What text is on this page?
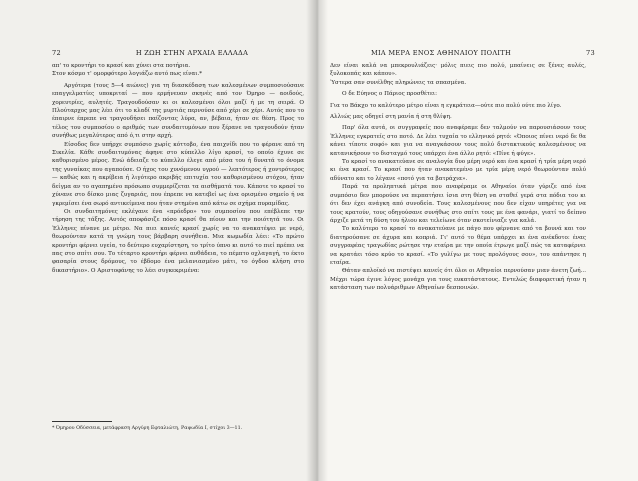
72	Η ΖΩΗ ΣΤΗΝ ΑΡΧΑΙΑ ΕΛΛΑΔΑ

απ' το κροντήρι το κρασί και χύνει στα ποτήρια.

Στον κόσμο τ' ομορφότερο λογιάζω αυτό πως είναι.*

Αργότερα (τους 5—4 αιώνες) για τη διασκέδαση των καλεσμένων συμποσιούσανε επαγγελματίες υποκριταί — που ερμήνευαν σκηνές από τον Όμηρο — αοιδούς, χορευτρίες, αυλητές. Τραγουδούσαν κι οι καλεσμένοι όλοι μαζί ή με τη σειρά. Ο Πλούταρχος μας λέει ότι το κλαδί της μυρτιάς περνούσε από χέρι σε χέρι. Αυτός που το έπαιρνε έπρεπε να τραγουδήσει παίζοντας λύρα, αν, βέβαια, ήταν σε θέση. Προς το τέλος του συμποσίου ο αριθμός των συνδαιτυμόνων που ξέρανε να τραγουδούν ήταν συνήθως μεγαλύτερος από ό,τι στην αρχή.

Είσοδος δεν υπήρχε συμπόσιο χωρίς κόττοβο, ένα παιχνίδι που το φέρανε από τη Σικελία. Κάθε συνδαιτυμόνας άφηνε στο κύπελλο λίγο κρασί, το οποίο έχυνε σε καθορισμένο μέρος. Ενώ άδειαζε το κύπελλο έλεγε από μέσα του ή δυνατά το όνομα της γυναίκας που αγαπούσε. Ο ήχος του χυνόμενου υγρού — λεπτότερος ή χοντρότερος — καθώς και η ακρίβεια ή λιγότερο ακριβής επιτυχία του καθορισμένου στόχου, ήταν δείγμα αν το αγαπημένο πρόσωπο συμμερίζεται τα αισθήματά του. Κάποτε το κρασί το χύνανε στο δίσκο μιας ζυγαριάς, που έπρεπε να κατεβεί ως ένα ορισμένο σημείο ή να γκρεμίσει ένα σωρό αντικείμενα που ήταν στημένα από κάτω σε σχήμα πυραμίδας.

Οι συνδαιτημόνες εκλέγανε ένα «πρόεδρο» του συμποσίου που επέβλεπε την τήρηση της τάξης. Αυτός αποφάσιζε πόσο κρασί θα πίουν και την ποιότητά του. Οι Έλληνες πίνανε με μέτρο. Να πιει κανείς κρασί χωρίς να το ανακατέψει με νερό, θεωρούνταν κατά τη γνώμη τους βάρβαρη συνήθεια. Μια κωμωδία λέει: «Το πρώτο κροντήρι φέρνει υγεία, το δεύτερο ευχαρίστηση, το τρίτο ύπνο κι αυτό το πιεί πρέπει να πας στο σπίτι σου. Το τέταρτο κροντήρι φέρνει αυθάδεια, το πέμπτο οχλαγαγή, το έκτο φασαρία στους δρόμους, το έβδομο ένα μελανιασμένο μάτι, το όγδοο κλήση στο δικαστήριο». Ο Αριστοφάνης το λέει συγκεκριμένα:

* Όμηρου Οδύσσεια, μετάφραση Αργύρη Εφταλιώτη, Ραψωδία Ι, στίχοι 3—11.
ΜΙΑ ΜΕΡΑ ΕΝΟΣ ΑΘΗΝΑΙΟΥ ΠΟΛΙΤΗ	73

Δεν είναι καλά να μπεκρουλιάζεις· μόλις πιεις πιο πολύ, μπαίνεις σε ξένες αυλές, ξυλοκοπάς και κάπου».

Ύστερα σαν συνέλθης πληρώνεις τα σπασμένα.

Ο δε Εύηνος ο Πάριος προσθέτει:

Για το Βάκχο το καλύτερο μέτρο είναι η εγκράτεια—ούτε πιο πολύ ούτε πιο λίγο.

Αλλιώς μας οδηγεί στη μανία ή στη θλίψη.

Παρ' όλα αυτά, οι συγγραφείς που αναφέραμε δεν ταλμούν να παρουσιάσουν τους Έλληνες εγκρατείς στο ποτό. Δε λέει τυχαία το ελληνικό ρητό: «Όποιος πίνει νερό δε θα κάνει τίποτε σοφό» και για να αναγκάσουν τους πολύ διστακτικούς καλεσμένους να κατανικήσουν το δισταγμό τους υπάρχει ένα άλλο ρητό: «Πίνε ή φύγε».

Το κρασί το ανακατεύανε σε αναλογία δυο μέρη νερό και ένα κρασί ή τρία μέρη νερό κι ένα κρασί. Το κρασί που ήταν ανακατεμένο με τρία μέρη νερό θεωρούνταν πολύ αδύνατο και το λέγανε «ποτό για τα βατράχια».

Παρά τα προληπτικά μέτρα που αναφέραμε οι Αθηναίοι όταν γύριζε από ένα συμπόσιο δεν μπορούσε να περπατήσει ίσια στη θέση να σταθεί γερά στα πόδια του κι ότι δεν έχει ανάγκη από συνοδεία. Τους καλεσμένους που δεν είχαν υπηρέτες για να τους κρατούν, τους οδηγούσανε συνήθως στο σπίτι τους με ένα φανάρι, γιατί το δείπνο άρχιζε μετά τη δύση του ήλιου και τελείωνε όταν σκοτείνιαζε για καλά.

Το καλύτερο το κρασί το ανακατεύανε με πάγο που φέρνανε από τα βουνά και τον διατηρούσανε σε άχυρα και κοπριά. Γι' αυτό το θέμα υπάρχει κι ένα ανέκδοτο: ένας συγγραφέας τραγωδίας ρώτησε την εταίρα με την οποία έτρωγε μαζί πώς τα καταφέρνει να κρατάει τόσο κρύο το κρασί. «Το γυλίγω με τους προλόγους σου», του απάντησε η εταίρα.

Θάταν απλοϊκό να πιστέψει κανείς ότι όλοι οι Αθηναίοι περνούσαν μιαν άνετη ζωή... Μέχρι τώρα έγινε λόγος μονάχα για τους ευκατάστατους. Εντελώς διαφορετική ήταν η κατάσταση των πολυάριθμων Αθηναίων δεσποινών.
